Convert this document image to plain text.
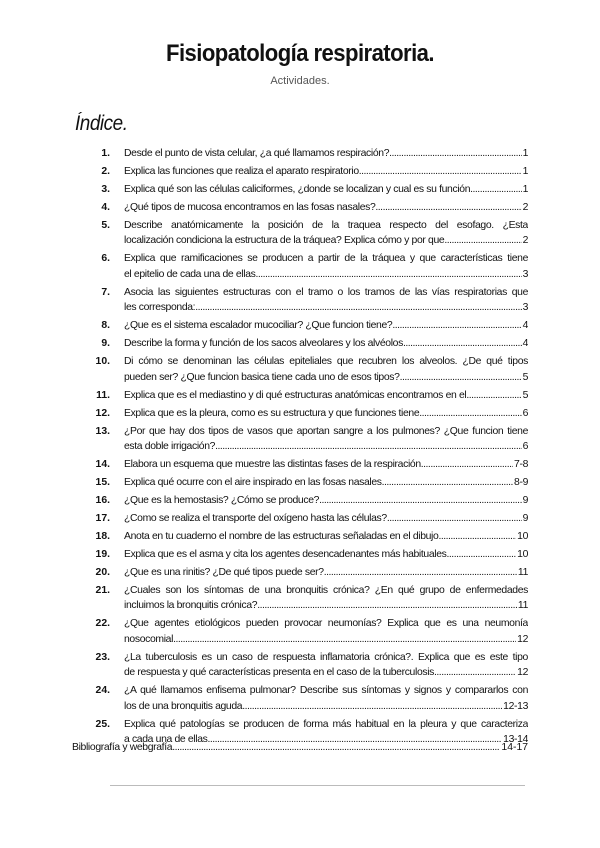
Fisiopatología respiratoria.
Actividades.
Índice.
1.	Desde el punto de vista celular, ¿a qué llamamos respiración? .....	1
2.	Explica las funciones que realiza el aparato respiratorio .....	1
3.	Explica qué son las células caliciformes, ¿donde se localizan y cual es su función .....	1
4.	¿Qué tipos de mucosa encontramos en las fosas nasales? .....	2
5.	Describe anatómicamente la posición de la traquea respecto del esofago. ¿Esta
localización condiciona la estructura de la tráquea? Explica cómo y por que .....	2
6.	Explica que ramificaciones se producen a partir de la tráquea y que características tiene
el epitelio de cada una de ellas .....	3
7.	Asocia las siguientes estructuras con el tramo o los tramos de las vías respiratorias que
les corresponda: .....	3
8.	¿Que es el sistema escalador mucociliar? ¿Que funcion tiene? .....	4
9.	Describe la forma y función de los sacos alveolares y los alvéolos .....	4
10.	Di cómo se denominan las células epiteliales que recubren los alveolos. ¿De qué tipos
pueden ser? ¿Que funcion basica tiene cada uno de esos tipos? .....	5
11.	Explica que es el mediastino y di qué estructuras anatómicas encontramos en el .....	5
12.	Explica que es la pleura, como es su estructura y que funciones tiene .....	6
13.	¿Por que hay dos tipos de vasos que aportan sangre a los pulmones? ¿Que funcion tiene
esta doble irrigación? .....	6
14.	Elabora un esquema que muestre las distintas fases de la respiración .....	7-8
15.	Explica qué ocurre con el aire inspirado en las fosas nasales .....	8-9
16.	¿Que es la hemostasis? ¿Cómo se produce? .....	9
17.	¿Como se realiza el transporte del oxígeno hasta las células? .....	9
18.	Anota en tu cuaderno el nombre de las estructuras señaladas en el dibujo .....	10
19.	Explica que es el asma y cita los agentes desencadenantes más habituales .....	10
20.	¿Que es una rinitis? ¿De qué tipos puede ser? .....	11
21.	¿Cuales son los síntomas de una bronquitis crónica? ¿En qué grupo de enfermedades
incluimos la bronquitis crónica? .....	11
22.	¿Que agentes etiológicos pueden provocar neumonías? Explica que es una neumonía
nosocomial .....	12
23.	¿La tuberculosis es un caso de respuesta inflamatoria crónica?. Explica que es este tipo
de respuesta y qué características presenta en el caso de la tuberculosis .....	12
24.	¿A qué llamamos enfisema pulmonar? Describe sus síntomas y signos y compararlos con
los de una bronquitis aguda .....	12-13
25.	Explica qué patologías se producen de forma más habitual en la pleura y que caracteriza
a cada una de ellas .....	13-14
Bibliografía y webgrafía .....	14-17
